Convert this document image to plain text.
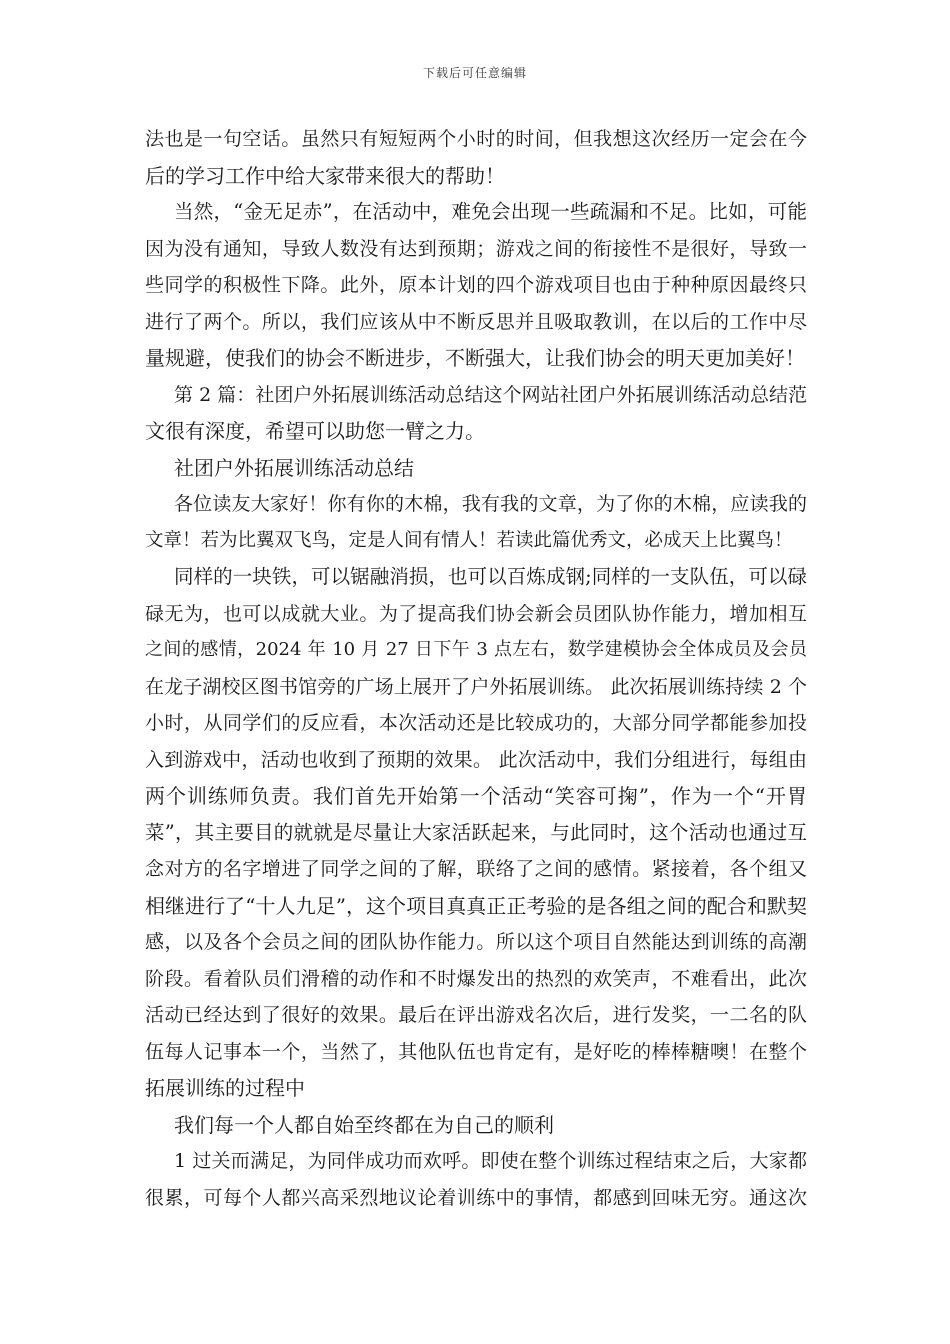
下载后可任意编辑
法也是一句空话。虽然只有短短两个小时的时间，但我想这次经历一定会在今
后的学习工作中给大家带来很大的帮助！
当然，“金无足赤”，在活动中，难免会出现一些疏漏和不足。比如，可能
因为没有通知，导致人数没有达到预期；游戏之间的衔接性不是很好，导致一
些同学的积极性下降。此外，原本计划的四个游戏项目也由于种种原因最终只
进行了两个。所以，我们应该从中不断反思并且吸取教训，在以后的工作中尽
量规避，使我们的协会不断进步，不断强大，让我们协会的明天更加美好！
第 2 篇：社团户外拓展训练活动总结这个网站社团户外拓展训练活动总结范
文很有深度，希望可以助您一臂之力。
社团户外拓展训练活动总结
各位读友大家好！你有你的木棉，我有我的文章，为了你的木棉，应读我的
文章！若为比翼双飞鸟，定是人间有情人！若读此篇优秀文，必成天上比翼鸟！
同样的一块铁，可以锯融消损，也可以百炼成钢;同样的一支队伍，可以碌
碌无为，也可以成就大业。为了提高我们协会新会员团队协作能力，增加相互
之间的感情，2024 年 10 月 27 日下午 3 点左右，数学建模协会全体成员及会员
在龙子湖校区图书馆旁的广场上展开了户外拓展训练。 此次拓展训练持续 2 个
小时，从同学们的反应看，本次活动还是比较成功的，大部分同学都能参加投
入到游戏中，活动也收到了预期的效果。 此次活动中，我们分组进行，每组由
两个训练师负责。我们首先开始第一个活动“笑容可掬”，作为一个“开胃
菜”，其主要目的就就是尽量让大家活跃起来，与此同时，这个活动也通过互
念对方的名字增进了同学之间的了解，联络了之间的感情。紧接着，各个组又
相继进行了“十人九足”，这个项目真真正正考验的是各组之间的配合和默契
感，以及各个会员之间的团队协作能力。所以这个项目自然能达到训练的高潮
阶段。看着队员们滑稽的动作和不时爆发出的热烈的欢笑声，不难看出，此次
活动已经达到了很好的效果。最后在评出游戏名次后，进行发奖，一二名的队
伍每人记事本一个，当然了，其他队伍也肯定有，是好吃的棒棒糖噢！在整个
拓展训练的过程中
我们每一个人都自始至终都在为自己的顺利
1 过关而满足，为同伴成功而欢呼。即使在整个训练过程结束之后，大家都
很累，可每个人都兴高采烈地议论着训练中的事情，都感到回味无穷。通这次
